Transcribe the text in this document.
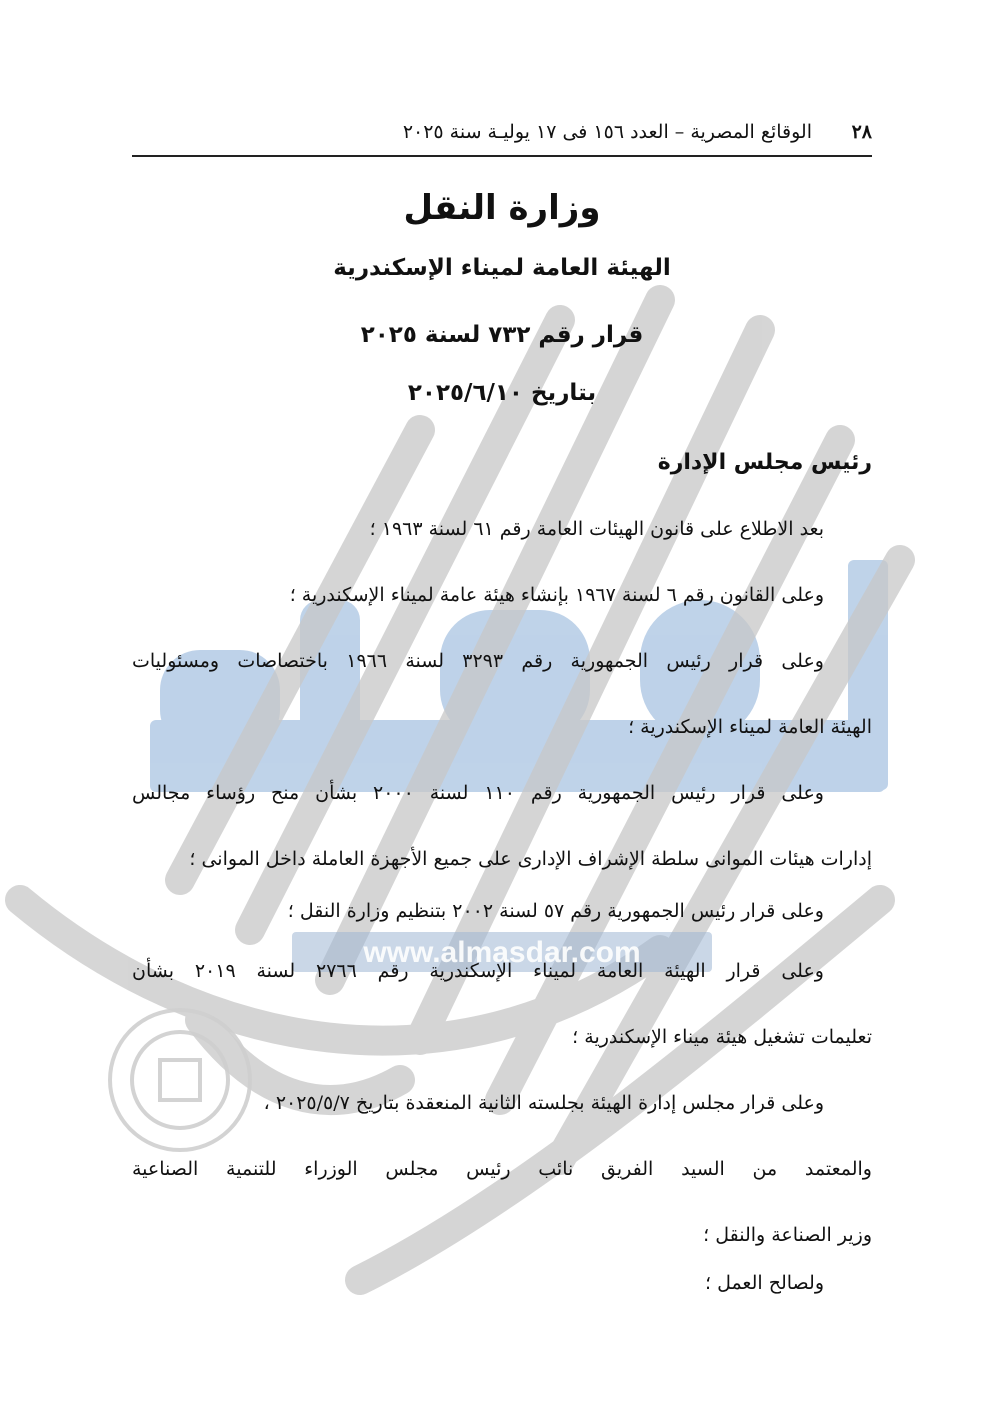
www.almasdar.com
٢٨
الوقائع المصرية – العدد ١٥٦ فى ١٧ يوليـة سنة ٢٠٢٥
وزارة النقل
الهيئة العامة لميناء الإسكندرية
قرار رقم ٧٣٢ لسنة ٢٠٢٥
بتاريخ ٢٠٢٥/٦/١٠
رئيس مجلس الإدارة
بعد الاطلاع على قانون الهيئات العامة رقم ٦١ لسنة ١٩٦٣ ؛
وعلى القانون رقم ٦ لسنة ١٩٦٧ بإنشاء هيئة عامة لميناء الإسكندرية ؛
وعلى قرار رئيس الجمهورية رقم ٣٢٩٣ لسنة ١٩٦٦ باختصاصات ومسئوليات
الهيئة العامة لميناء الإسكندرية ؛
وعلى قرار رئيس الجمهورية رقم ١١٠ لسنة ٢٠٠٠ بشأن منح رؤساء مجالس
إدارات هيئات الموانى سلطة الإشراف الإدارى على جميع الأجهزة العاملة داخل الموانى ؛
وعلى قرار رئيس الجمهورية رقم ٥٧ لسنة ٢٠٠٢ بتنظيم وزارة النقل ؛
وعلى قرار الهيئة العامة لميناء الإسكندرية رقم ٢٧٦٦ لسنة ٢٠١٩ بشأن
تعليمات تشغيل هيئة ميناء الإسكندرية ؛
وعلى قرار مجلس إدارة الهيئة بجلسته الثانية المنعقدة بتاريخ ٢٠٢٥/٥/٧ ،
والمعتمد من السيد الفريق نائب رئيس مجلس الوزراء للتنمية الصناعية
وزير الصناعة والنقل ؛
ولصالح العمل ؛
